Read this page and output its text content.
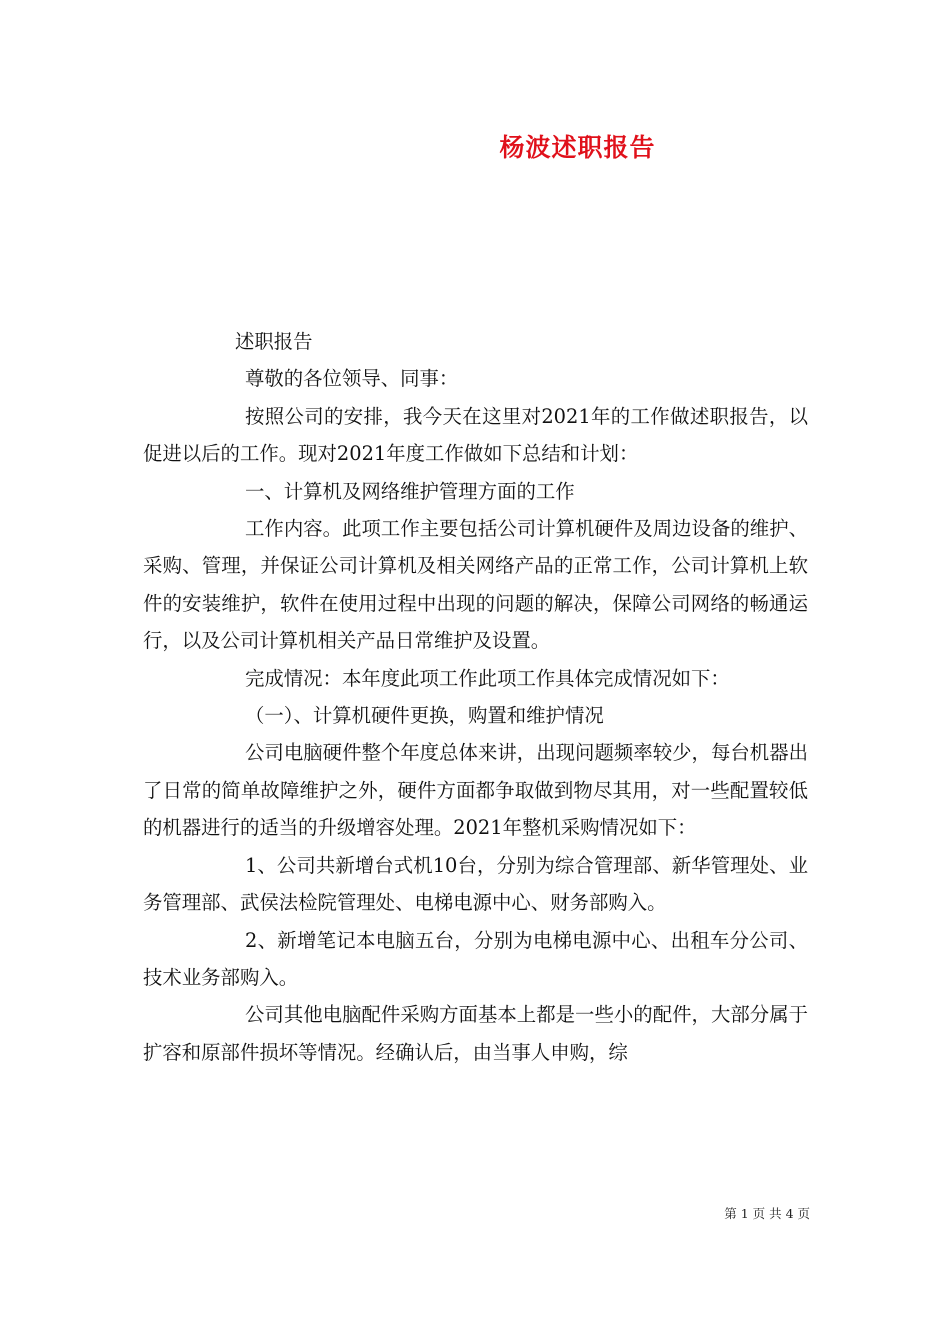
杨波述职报告

述职报告

尊敬的各位领导、同事：

按照公司的安排，我今天在这里对2021年的工作做述职报告，以促进以后的工作。现对2021年度工作做如下总结和计划：

一、计算机及网络维护管理方面的工作

工作内容。此项工作主要包括公司计算机硬件及周边设备的维护、采购、管理，并保证公司计算机及相关网络产品的正常工作，公司计算机上软件的安装维护，软件在使用过程中出现的问题的解决，保障公司网络的畅通运行，以及公司计算机相关产品日常维护及设置。

完成情况：本年度此项工作此项工作具体完成情况如下：

（一）、计算机硬件更换，购置和维护情况

公司电脑硬件整个年度总体来讲，出现问题频率较少，每台机器出了日常的简单故障维护之外，硬件方面都争取做到物尽其用，对一些配置较低的机器进行的适当的升级增容处理。2021年整机采购情况如下：

1、公司共新增台式机10台，分别为综合管理部、新华管理处、业务管理部、武侯法检院管理处、电梯电源中心、财务部购入。

2、新增笔记本电脑五台，分别为电梯电源中心、出租车分公司、技术业务部购入。

公司其他电脑配件采购方面基本上都是一些小的配件，大部分属于扩容和原部件损坏等情况。经确认后，由当事人申购，综

第 1 页 共 4 页
